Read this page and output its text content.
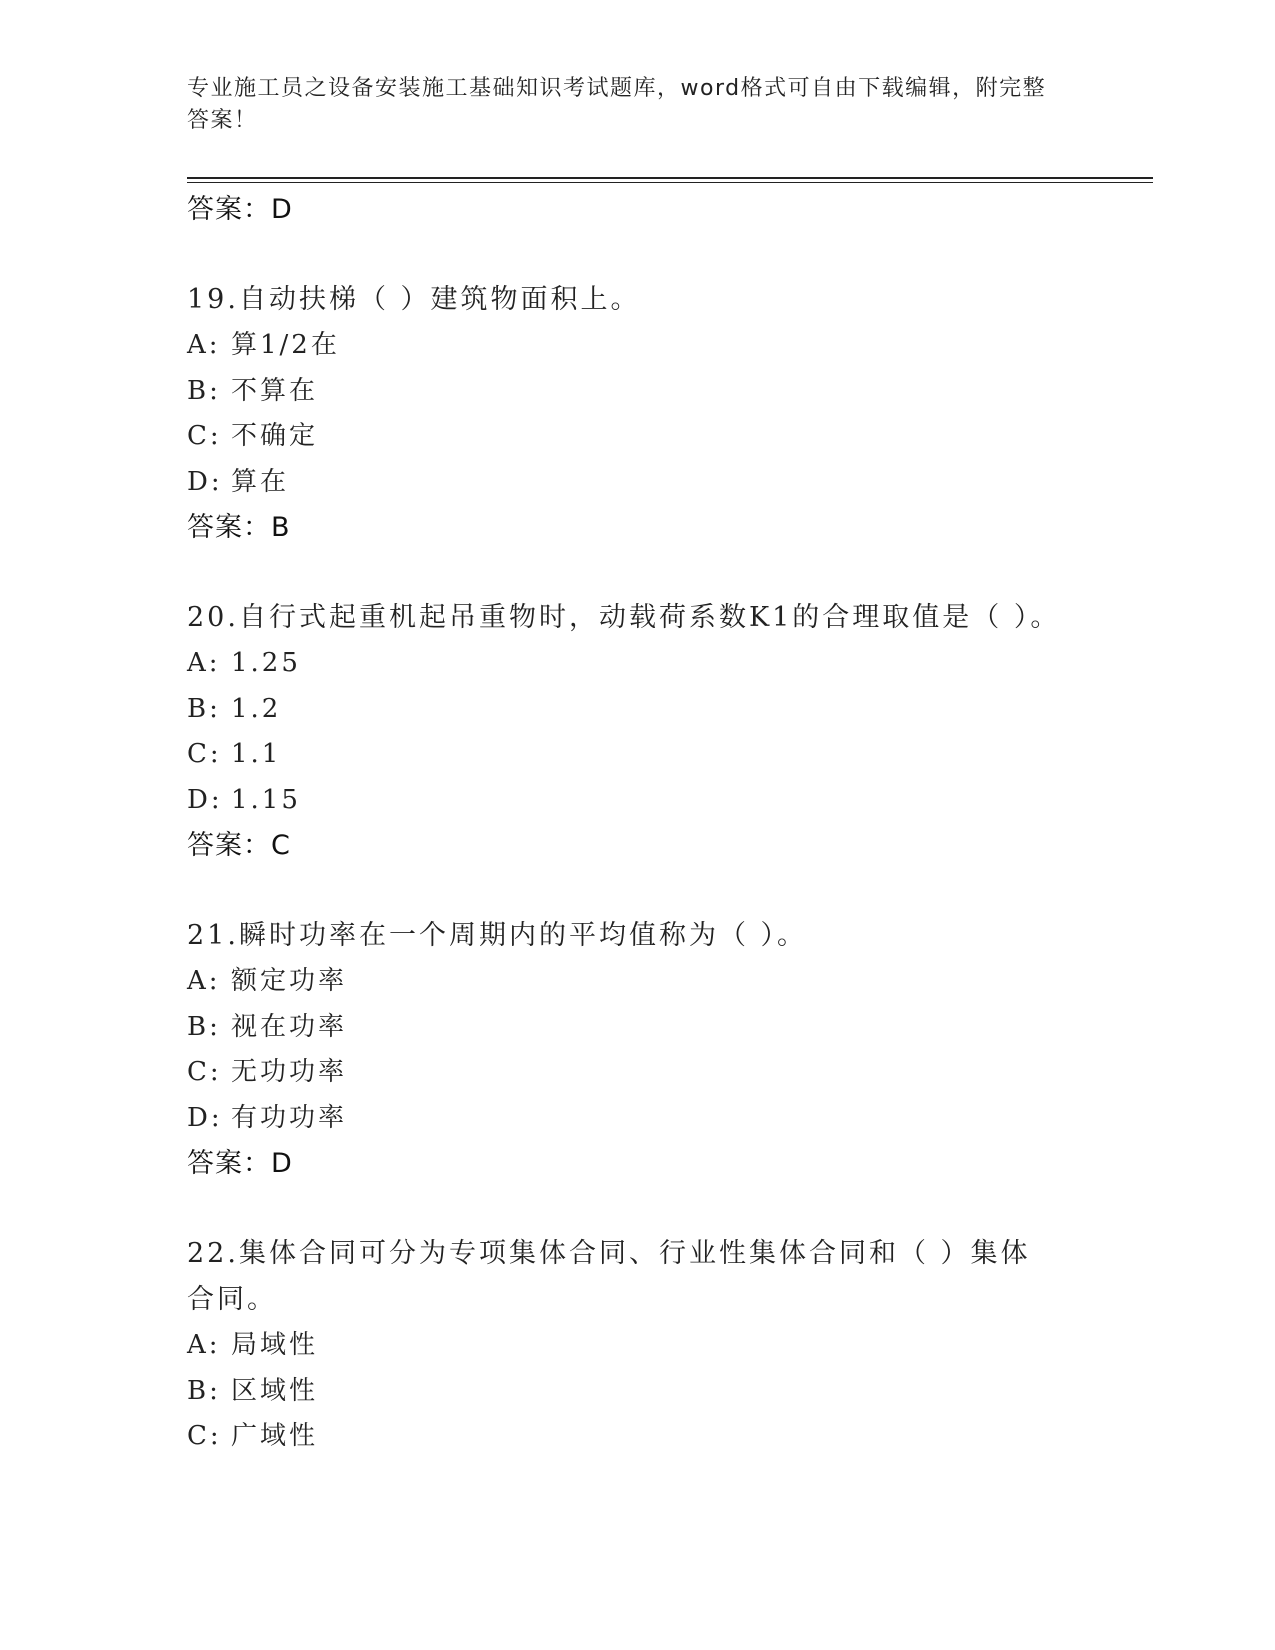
专业施工员之设备安装施工基础知识考试题库，word格式可自由下载编辑，附完整答案！
答案：D
19.自动扶梯（ ）建筑物面积上。
A: 算1/2在
B: 不算在
C: 不确定
D: 算在
答案：B
20.自行式起重机起吊重物时，动载荷系数K1的合理取值是（ ）。
A: 1.25
B: 1.2
C: 1.1
D: 1.15
答案：C
21.瞬时功率在一个周期内的平均值称为（ ）。
A: 额定功率
B: 视在功率
C: 无功功率
D: 有功功率
答案：D
22.集体合同可分为专项集体合同、行业性集体合同和（ ）集体合同。
A: 局域性
B: 区域性
C: 广域性
